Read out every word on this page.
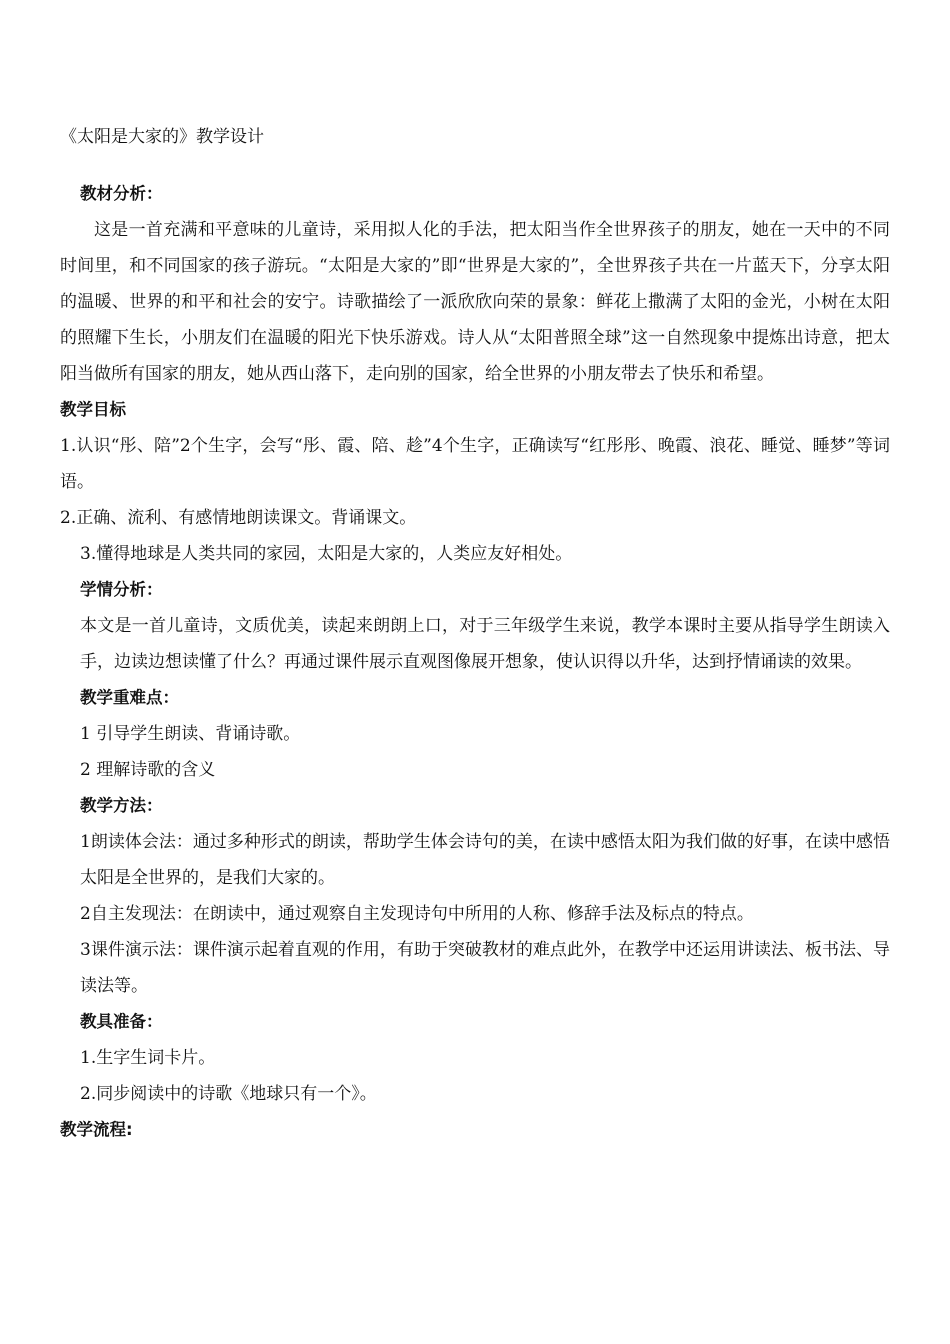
《太阳是大家的》教学设计

教材分析：

这是一首充满和平意味的儿童诗，采用拟人化的手法，把太阳当作全世界孩子的朋友，她在一天中的不同时间里，和不同国家的孩子游玩。“太阳是大家的”即“世界是大家的”，全世界孩子共在一片蓝天下，分享太阳的温暖、世界的和平和社会的安宁。诗歌描绘了一派欣欣向荣的景象：鲜花上撒满了太阳的金光，小树在太阳的照耀下生长，小朋友们在温暖的阳光下快乐游戏。诗人从“太阳普照全球”这一自然现象中提炼出诗意，把太阳当做所有国家的朋友，她从西山落下，走向别的国家，给全世界的小朋友带去了快乐和希望。

教学目标

1.认识“彤、陪”2个生字，会写“彤、霞、陪、趁”4个生字，正确读写“红彤彤、晚霞、浪花、睡觉、睡梦”等词语。

2.正确、流利、有感情地朗读课文。背诵课文。

3.懂得地球是人类共同的家园，太阳是大家的，人类应友好相处。

学情分析：

本文是一首儿童诗，文质优美，读起来朗朗上口，对于三年级学生来说，教学本课时主要从指导学生朗读入手，边读边想读懂了什么？再通过课件展示直观图像展开想象，使认识得以升华，达到抒情诵读的效果。

教学重难点：

1 引导学生朗读、背诵诗歌。

2 理解诗歌的含义

教学方法：

1朗读体会法：通过多种形式的朗读，帮助学生体会诗句的美，在读中感悟太阳为我们做的好事，在读中感悟太阳是全世界的，是我们大家的。

2自主发现法：在朗读中，通过观察自主发现诗句中所用的人称、修辞手法及标点的特点。

3课件演示法：课件演示起着直观的作用，有助于突破教材的难点此外，在教学中还运用讲读法、板书法、导读法等。

教具准备：

1.生字生词卡片。

2.同步阅读中的诗歌《地球只有一个》。

教学流程:
